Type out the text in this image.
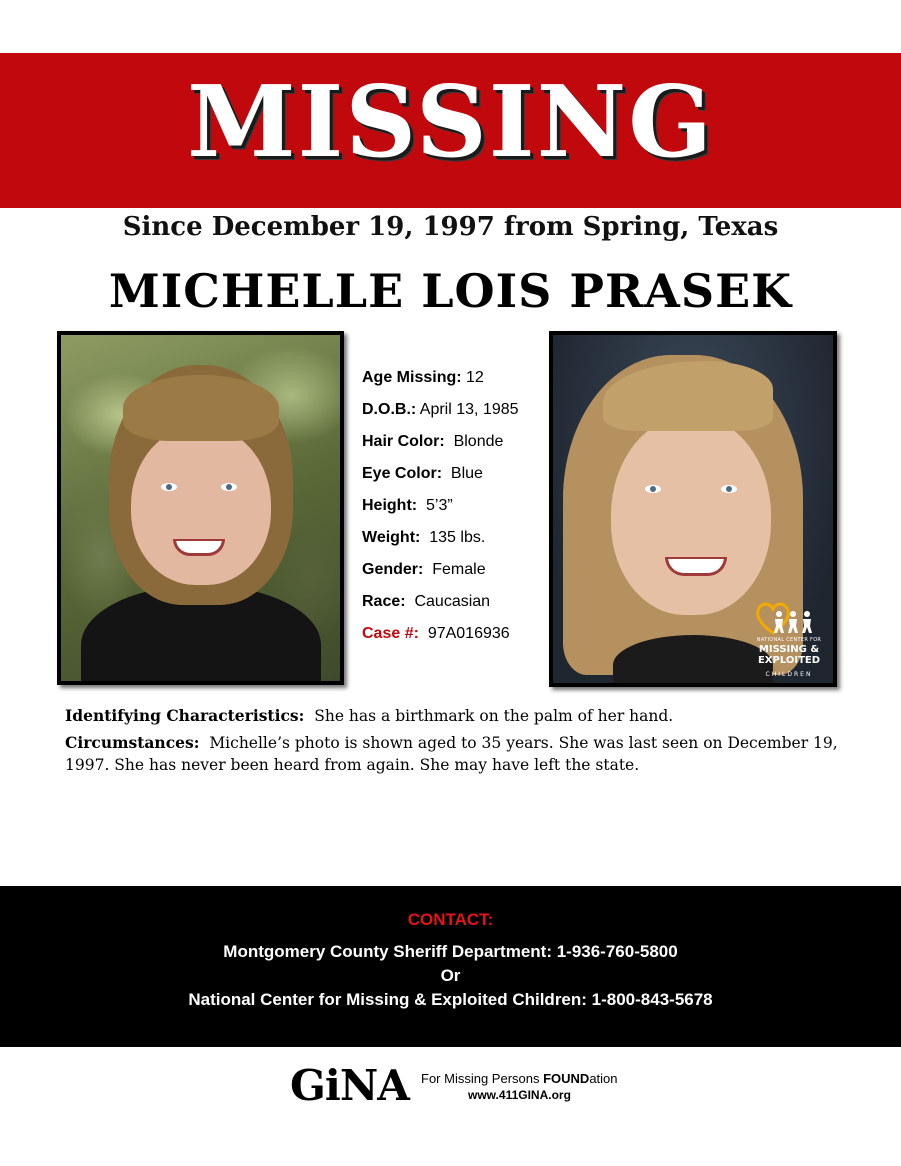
MISSING
Since December 19, 1997 from Spring, Texas
MICHELLE LOIS PRASEK
NATIONAL CENTER FOR
MISSING &
EXPLOITED
CHILDREN
Age Missing: 12
D.O.B.: April 13, 1985
Hair Color: Blonde
Eye Color: Blue
Height: 5’3”
Weight: 135 lbs.
Gender: Female
Race: Caucasian
Case #: 97A016936
Identifying Characteristics: She has a birthmark on the palm of her hand.
Circumstances: Michelle’s photo is shown aged to 35 years. She was last seen on December 19, 1997. She has never been heard from again. She may have left the state.
CONTACT:
Montgomery County Sheriff Department: 1-936-760-5800
Or
National Center for Missing & Exploited Children: 1-800-843-5678
GiNA For Missing Persons FOUNDation
www.411GINA.org
